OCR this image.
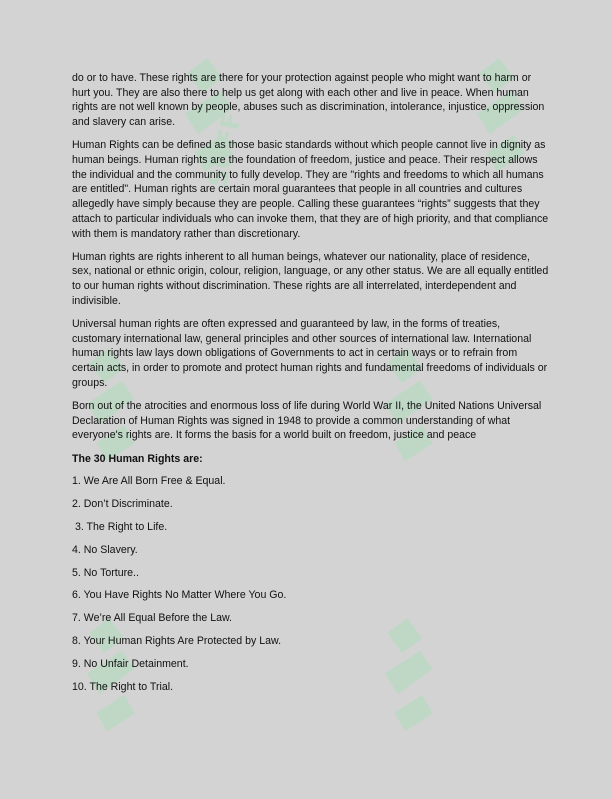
SOFF

do or to have. These rights are there for your protection against people who might want to harm or hurt you. They are also there to help us get along with each other and live in peace. When human rights are not well known by people, abuses such as discrimination, intolerance, injustice, oppression and slavery can arise.

Human Rights can be defined as those basic standards without which people cannot live in dignity as human beings. Human rights are the foundation of freedom, justice and peace. Their respect allows the individual and the community to fully develop. They are "rights and freedoms to which all humans are entitled". Human rights are certain moral guarantees that people in all countries and cultures allegedly have simply because they are people. Calling these guarantees “rights” suggests that they attach to particular individuals who can invoke them, that they are of high priority, and that compliance with them is mandatory rather than discretionary.

Human rights are rights inherent to all human beings, whatever our nationality, place of residence, sex, national or ethnic origin, colour, religion, language, or any other status. We are all equally entitled to our human rights without discrimination. These rights are all interrelated, interdependent and indivisible.

Universal human rights are often expressed and guaranteed by law, in the forms of treaties, customary international law, general principles and other sources of international law. International human rights law lays down obligations of Governments to act in certain ways or to refrain from certain acts, in order to promote and protect human rights and fundamental freedoms of individuals or groups.

Born out of the atrocities and enormous loss of life during World War II, the United Nations Universal Declaration of Human Rights was signed in 1948 to provide a common understanding of what everyone's rights are. It forms the basis for a world built on freedom, justice and peace

The 30 Human Rights are:

1. We Are All Born Free & Equal.

2. Don’t Discriminate.

3. The Right to Life.

4. No Slavery.

5. No Torture..

6. You Have Rights No Matter Where You Go.

7. We’re All Equal Before the Law.

8. Your Human Rights Are Protected by Law.

9. No Unfair Detainment.

10. The Right to Trial.
